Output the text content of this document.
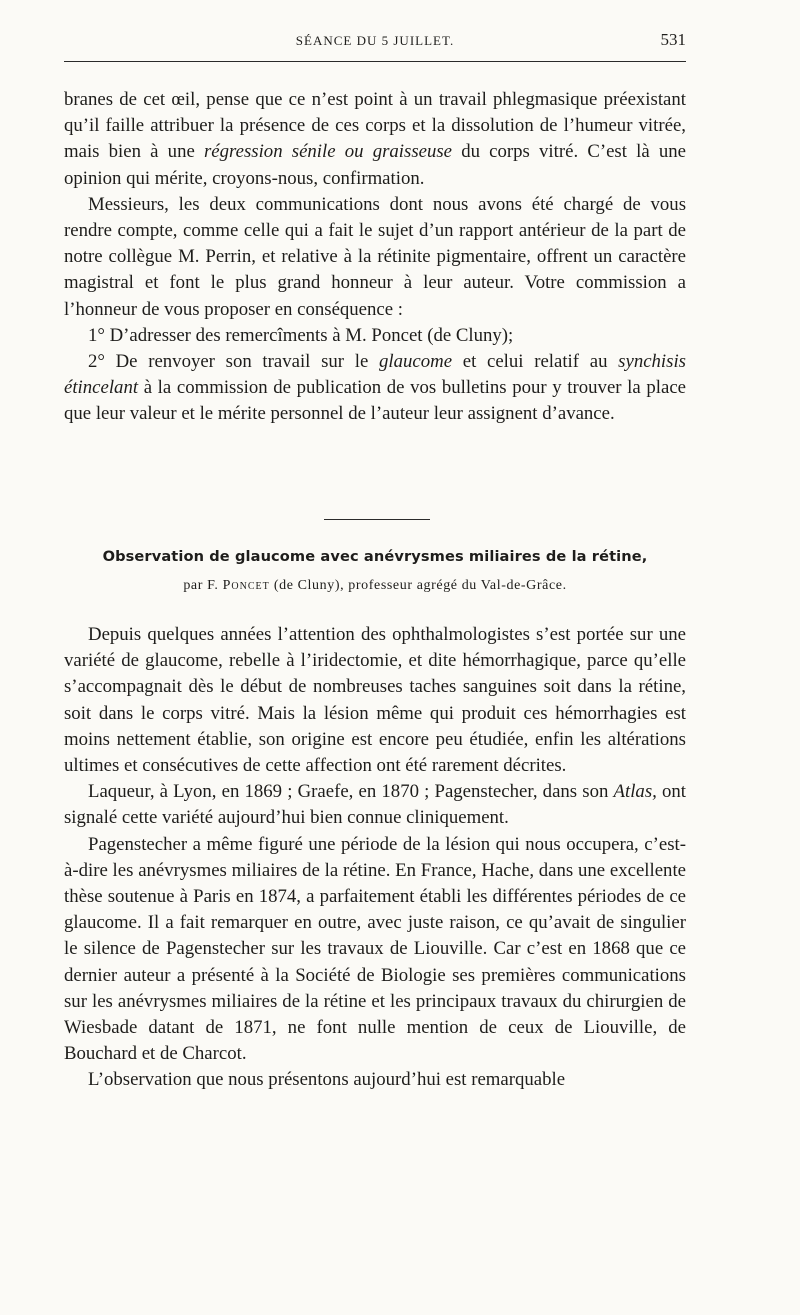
SÉANCE DU 5 JUILLET.	531

branes de cet œil, pense que ce n’est point à un travail phlegmasique préexistant qu’il faille attribuer la présence de ces corps et la dissolution de l’humeur vitrée, mais bien à une régression sénile ou graisseuse du corps vitré. C’est là une opinion qui mérite, croyons-nous, confirmation.

Messieurs, les deux communications dont nous avons été chargé de vous rendre compte, comme celle qui a fait le sujet d’un rapport antérieur de la part de notre collègue M. Perrin, et relative à la rétinite pigmentaire, offrent un caractère magistral et font le plus grand honneur à leur auteur. Votre commission a l’honneur de vous proposer en conséquence :

1° D’adresser des remercîments à M. Poncet (de Cluny);

2° De renvoyer son travail sur le glaucome et celui relatif au synchisis étincelant à la commission de publication de vos bulletins pour y trouver la place que leur valeur et le mérite personnel de l’auteur leur assignent d’avance.

Observation de glaucome avec anévrysmes miliaires de la rétine,
par F. Poncet (de Cluny), professeur agrégé du Val-de-Grâce.

Depuis quelques années l’attention des ophthalmologistes s’est portée sur une variété de glaucome, rebelle à l’iridectomie, et dite hémorrhagique, parce qu’elle s’accompagnait dès le début de nombreuses taches sanguines soit dans la rétine, soit dans le corps vitré. Mais la lésion même qui produit ces hémorrhagies est moins nettement établie, son origine est encore peu étudiée, enfin les altérations ultimes et consécutives de cette affection ont été rarement décrites.

Laqueur, à Lyon, en 1869 ; Graefe, en 1870 ; Pagenstecher, dans son Atlas, ont signalé cette variété aujourd’hui bien connue cliniquement.

Pagenstecher a même figuré une période de la lésion qui nous occupera, c’est-à-dire les anévrysmes miliaires de la rétine. En France, Hache, dans une excellente thèse soutenue à Paris en 1874, a parfaitement établi les différentes périodes de ce glaucome. Il a fait remarquer en outre, avec juste raison, ce qu’avait de singulier le silence de Pagenstecher sur les travaux de Liouville. Car c’est en 1868 que ce dernier auteur a présenté à la Société de Biologie ses premières communications sur les anévrysmes miliaires de la rétine et les principaux travaux du chirurgien de Wiesbade datant de 1871, ne font nulle mention de ceux de Liouville, de Bouchard et de Charcot.

L’observation que nous présentons aujourd’hui est remarquable
